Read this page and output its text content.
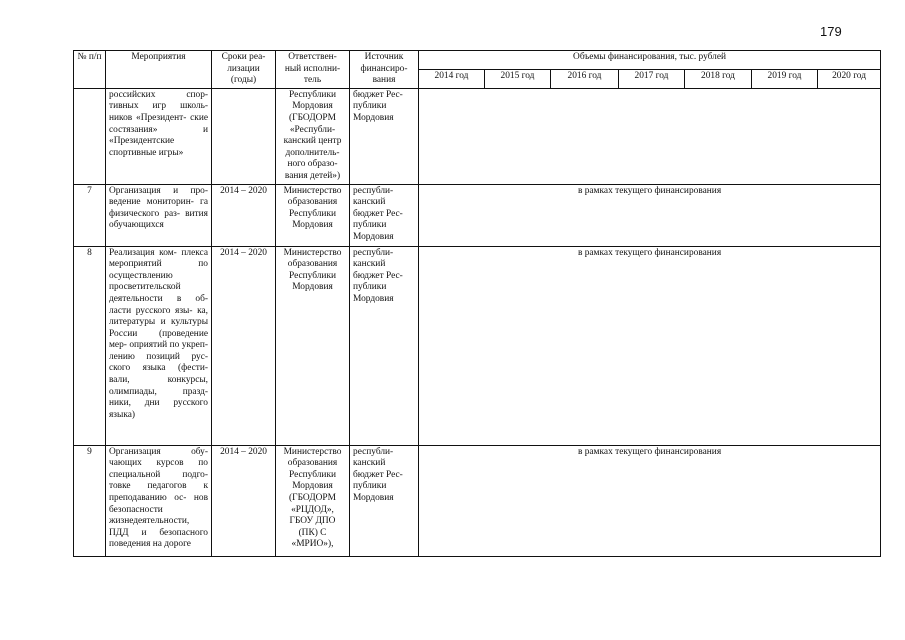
179
№ п/п	Мероприятия	Сроки реа- лизации (годы)	Ответствен- ный исполни- тель	Источник финансиро- вания	Объемы финансирования, тыс. рублей						
					2014 год	2015 год	2016 год	2017 год	2018 год	2019 год	2020 год
	российских спор- тивных игр школь- ников «Президент- ские состязания» и «Президентские спортивные игры»		Республики Мордовия (ГБОДОРМ «Республи- канский центр дополнитель- ного образо- вания детей»)	бюджет Рес- публики Мордовия							
7	Организация и про- ведение мониторин- га физического раз- вития обучающихся	2014 – 2020	Министерство образования Республики Мордовия	республи- канский бюджет Рес- публики Мордовия	в рамках текущего финансирования						
8	Реализация ком- плекса мероприятий по осуществлению просветительской деятельности в об- ласти русского язы- ка, литературы и культуры России (проведение мер- оприятий по укреп- лению позиций рус- ского языка (фести- вали, конкурсы, олимпиады, празд- ники, дни русского языка)	2014 – 2020	Министерство образования Республики Мордовия	республи- канский бюджет Рес- публики Мордовия	в рамках текущего финансирования						
9	Организация обу- чающих курсов по специальной подго- товке педагогов к преподаванию ос- нов безопасности жизнедеятельности, ПДД и безопасного поведения на дороге	2014 – 2020	Министерство образования Республики Мордовия (ГБОДОРМ «РЦДОД», ГБОУ ДПО (ПК) С «МРИО»),	республи- канский бюджет Рес- публики Мордовия	в рамках текущего финансирования						
